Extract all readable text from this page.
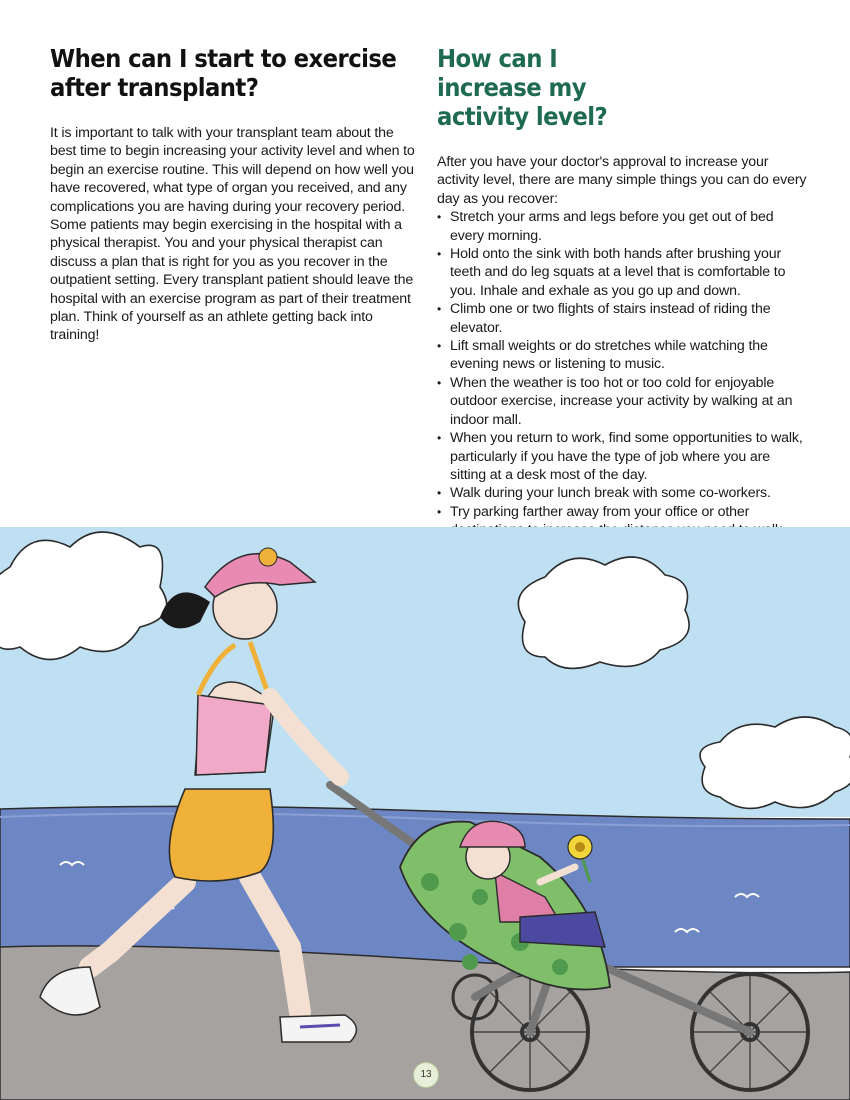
When can I start to exercise after transplant?

It is important to talk with your transplant team about the best time to begin increasing your activity level and when to begin an exercise routine. This will depend on how well you have recovered, what type of organ you received, and any complications you are having during your recovery period. Some patients may begin exercising in the hospital with a physical therapist. You and your physical therapist can discuss a plan that is right for you as you recover in the outpatient setting. Every transplant patient should leave the hospital with an exercise program as part of their treatment plan. Think of yourself as an athlete getting back into training!

How can I increase my activity level?

After you have your doctor's approval to increase your activity level, there are many simple things you can do every day as you recover:

• Stretch your arms and legs before you get out of bed every morning.
• Hold onto the sink with both hands after brushing your teeth and do leg squats at a level that is comfortable to you. Inhale and exhale as you go up and down.
• Climb one or two flights of stairs instead of riding the elevator.
• Lift small weights or do stretches while watching the evening news or listening to music.
• When the weather is too hot or too cold for enjoyable outdoor exercise, increase your activity by walking at an indoor mall.
• When you return to work, find some opportunities to walk, particularly if you have the type of job where you are sitting at a desk most of the day.
• Walk during your lunch break with some co-workers.
• Try parking farther away from your office or other
13
